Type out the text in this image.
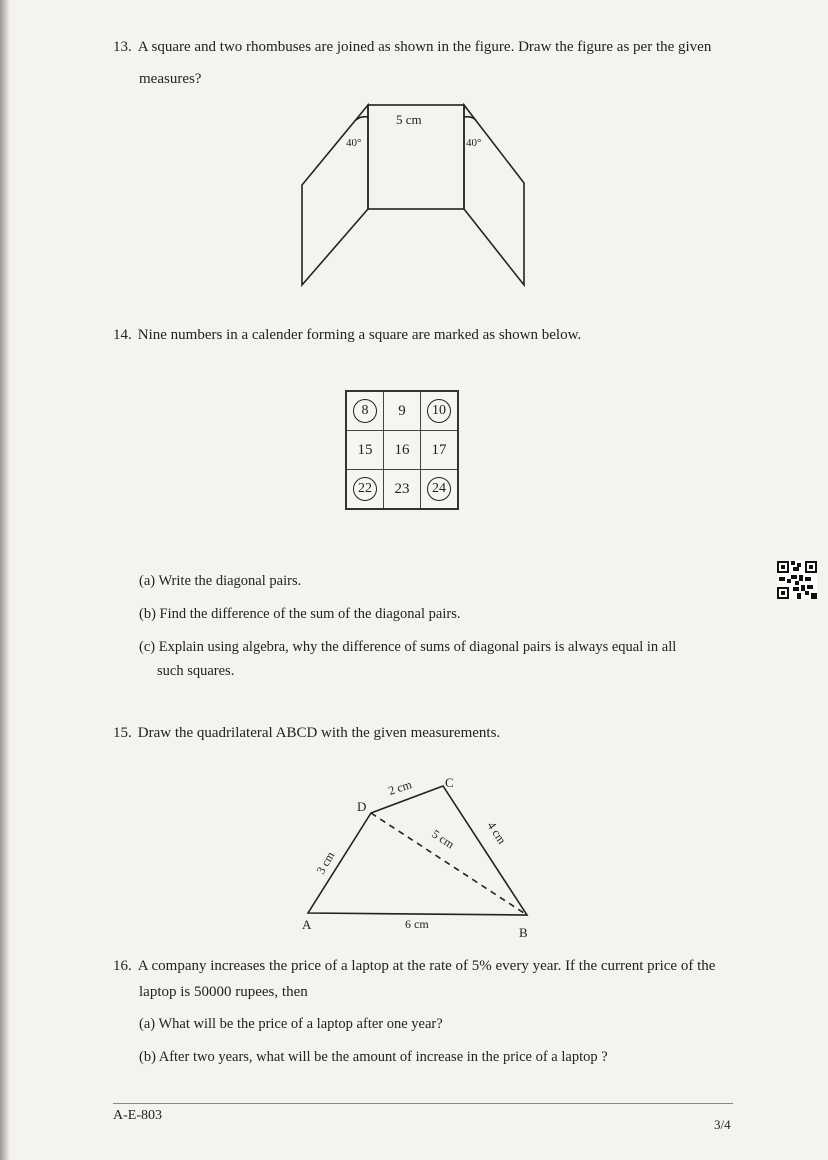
13. A square and two rhombuses are joined as shown in the figure. Draw the figure as per the given
measures?
5 cm
40°	40°
14. Nine numbers in a calender forming a square are marked as shown below.
8	9	10
15	16	17
22	23	24
(a) Write the diagonal pairs.
(b) Find the difference of the sum of the diagonal pairs.
(c) Explain using algebra, why the difference of sums of diagonal pairs is always equal in all
such squares.
15. Draw the quadrilateral ABCD with the given measurements.
A
B
C
D
6 cm
3 cm
2 cm
4 cm
5 cm
16. A company increases the price of a laptop at the rate of 5% every year. If the current price of the
laptop is 50000 rupees, then
(a) What will be the price of a laptop after one year?
(b) After two years, what will be the amount of increase in the price of a laptop ?
A-E-803
3/4
